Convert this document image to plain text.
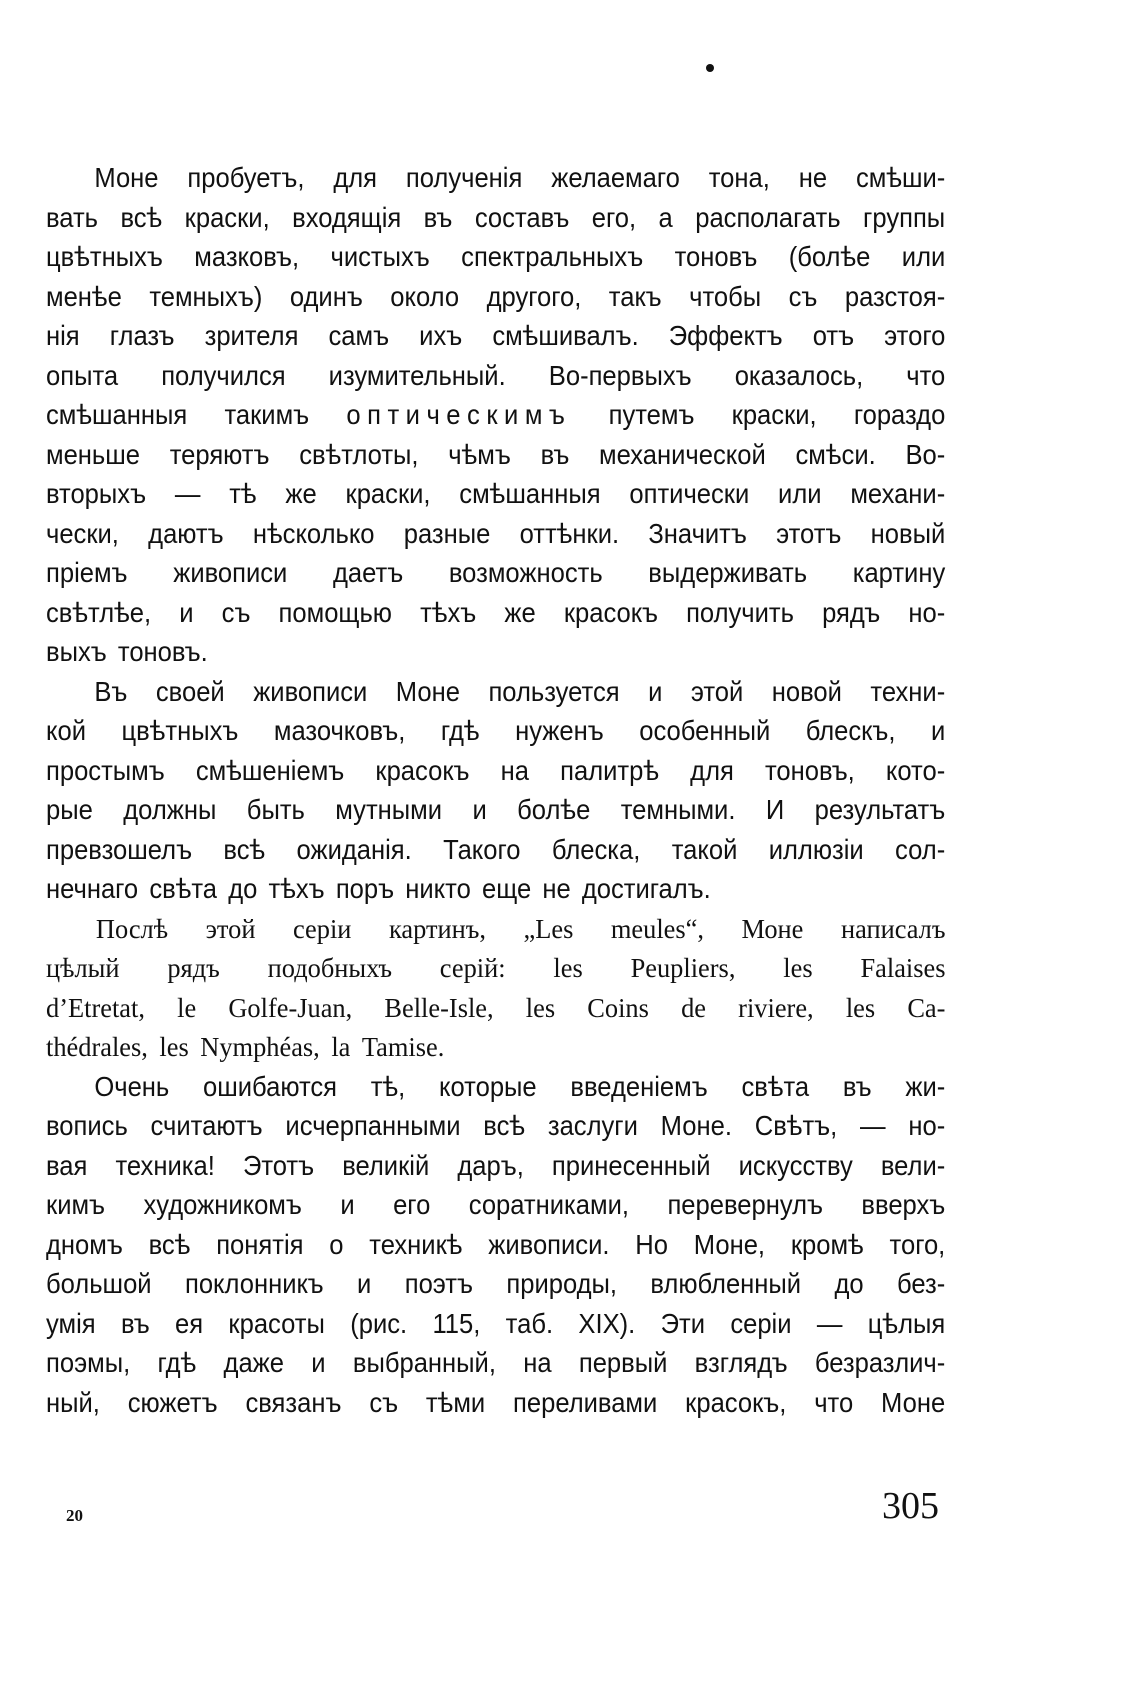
Моне пробуетъ, для полученія желаемаго тона, не смѣши-
вать всѣ краски, входящія въ составъ его, а располагать группы
цвѣтныхъ мазковъ, чистыхъ спектральныхъ тоновъ (болѣе или
менѣе темныхъ) одинъ около другого, такъ чтобы съ разстоя-
нія глазъ зрителя самъ ихъ смѣшивалъ. Эффектъ отъ этого
опыта получился изумительный. Во-первыхъ оказалось, что
смѣшанныя такимъ оптическимъ путемъ краски, гораздо
меньше теряютъ свѣтлоты, чѣмъ въ механической смѣси. Во-
вторыхъ — тѣ же краски, смѣшанныя оптически или механи-
чески, даютъ нѣсколько разные оттѣнки. Значитъ этотъ новый
пріемъ живописи даетъ возможность выдерживать картину
свѣтлѣе, и съ помощью тѣхъ же красокъ получить рядъ но-
выхъ тоновъ.
Въ своей живописи Моне пользуется и этой новой техни-
кой цвѣтныхъ мазочковъ, гдѣ нуженъ особенный блескъ, и
простымъ смѣшеніемъ красокъ на палитрѣ для тоновъ, кото-
рые должны быть мутными и болѣе темными. И результатъ
превзошелъ всѣ ожиданія. Такого блеска, такой иллюзіи сол-
нечнаго свѣта до тѣхъ поръ никто еще не достигалъ.
Послѣ этой серіи картинъ, „Les meules“, Моне написалъ
цѣлый рядъ подобныхъ серій: les Peupliers, les Falaises
d’Etretat, le Golfe-Juan, Belle-Isle, les Coins de riviere, les Ca-
thédrales, les Nymphéas, la Tamise.
Очень ошибаются тѣ, которые введеніемъ свѣта въ жи-
вопись считаютъ исчерпанными всѣ заслуги Моне. Свѣтъ, — но-
вая техника! Этотъ великій даръ, принесенный искусству вели-
кимъ художникомъ и его соратниками, перевернулъ вверхъ
дномъ всѣ понятія о техникѣ живописи. Но Моне, кромѣ того,
большой поклонникъ и поэтъ природы, влюбленный до без-
умія въ ея красоты (рис. 115, таб. XIX). Эти серіи — цѣлыя
поэмы, гдѣ даже и выбранный, на первый взглядъ безразлич-
ный, сюжетъ связанъ съ тѣми переливами красокъ, что Моне
20	305
